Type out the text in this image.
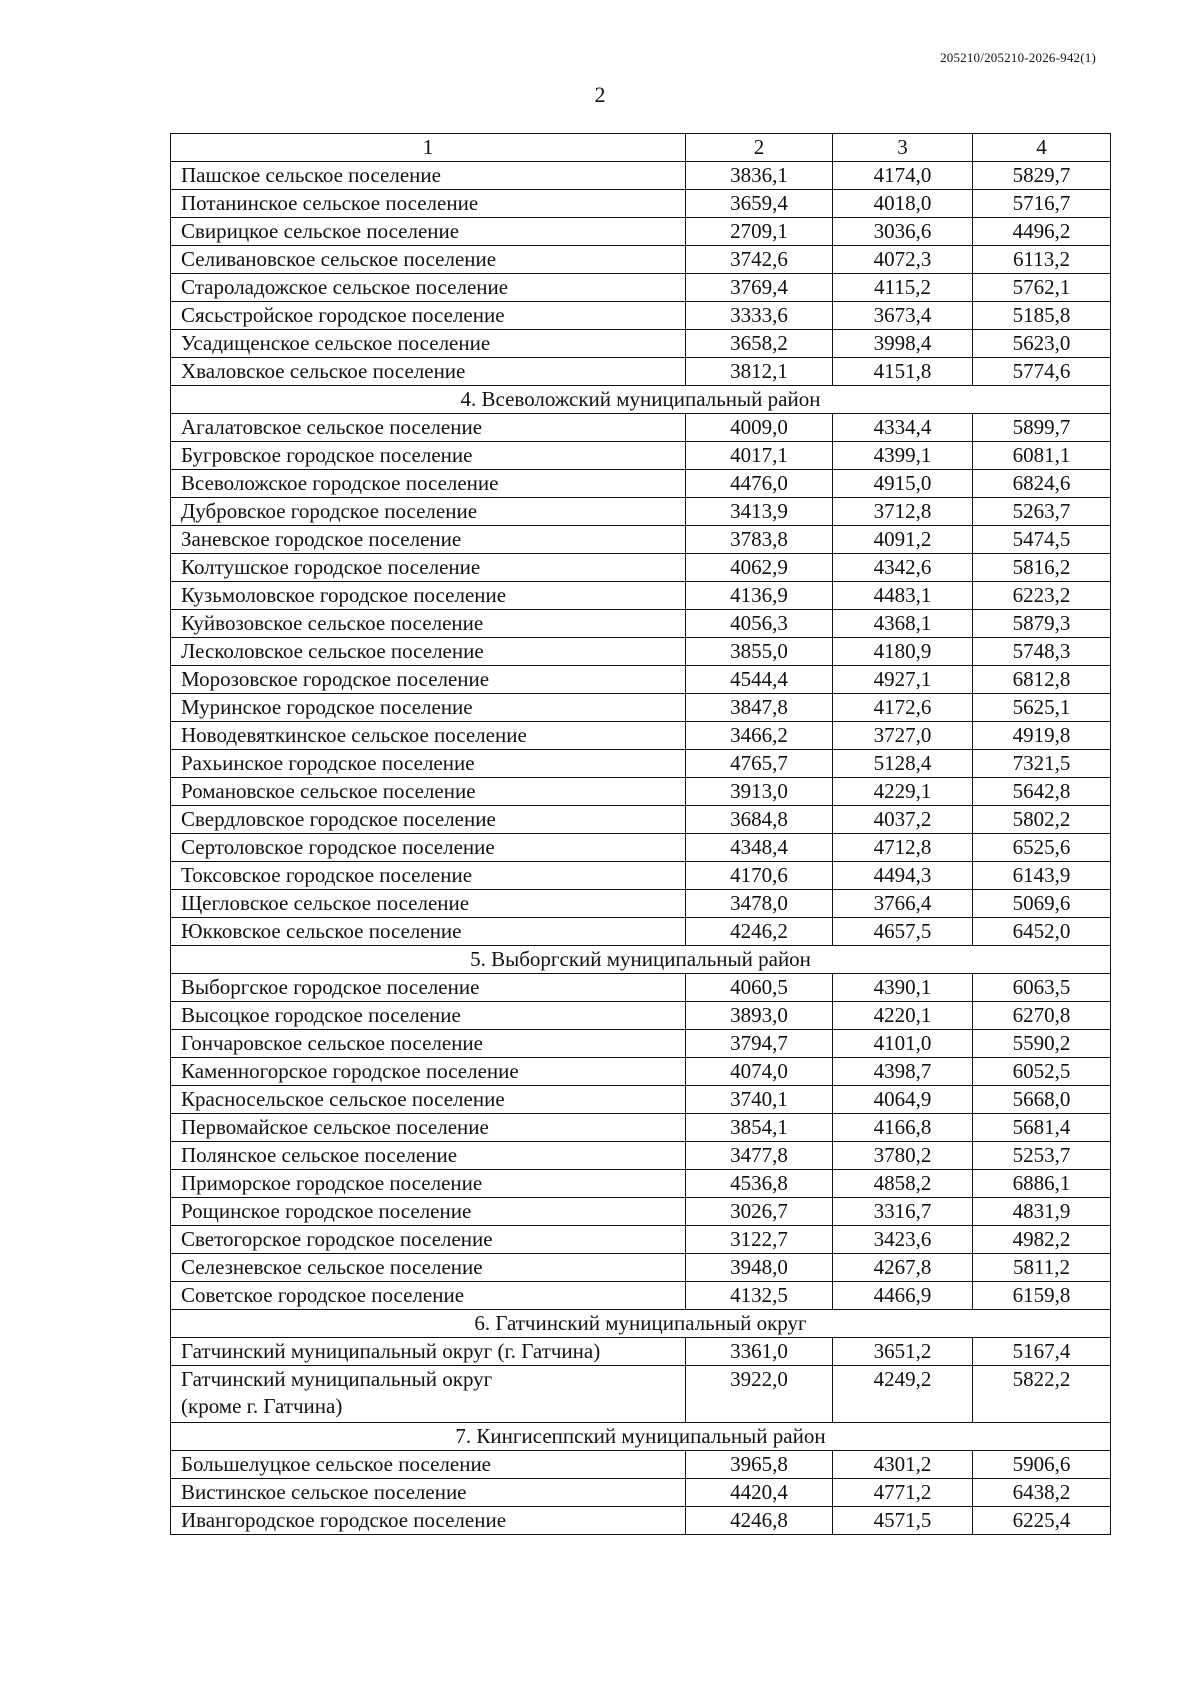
205210/205210-2026-942(1)
2
1	2	3	4
Пашское сельское поселение	3836,1	4174,0	5829,7
Потанинское сельское поселение	3659,4	4018,0	5716,7
Свирицкое сельское поселение	2709,1	3036,6	4496,2
Селивановское сельское поселение	3742,6	4072,3	6113,2
Староладожское сельское поселение	3769,4	4115,2	5762,1
Сясьстройское городское поселение	3333,6	3673,4	5185,8
Усадищенское сельское поселение	3658,2	3998,4	5623,0
Хваловское сельское поселение	3812,1	4151,8	5774,6
4. Всеволожский муниципальный район			
Агалатовское сельское поселение	4009,0	4334,4	5899,7
Бугровское городское поселение	4017,1	4399,1	6081,1
Всеволожское городское поселение	4476,0	4915,0	6824,6
Дубровское городское поселение	3413,9	3712,8	5263,7
Заневское городское поселение	3783,8	4091,2	5474,5
Колтушское городское поселение	4062,9	4342,6	5816,2
Кузьмоловское городское поселение	4136,9	4483,1	6223,2
Куйвозовское сельское поселение	4056,3	4368,1	5879,3
Лесколовское сельское поселение	3855,0	4180,9	5748,3
Морозовское городское поселение	4544,4	4927,1	6812,8
Муринское городское поселение	3847,8	4172,6	5625,1
Новодевяткинское сельское поселение	3466,2	3727,0	4919,8
Рахьинское городское поселение	4765,7	5128,4	7321,5
Романовское сельское поселение	3913,0	4229,1	5642,8
Свердловское городское поселение	3684,8	4037,2	5802,2
Сертоловское городское поселение	4348,4	4712,8	6525,6
Токсовское городское поселение	4170,6	4494,3	6143,9
Щегловское сельское поселение	3478,0	3766,4	5069,6
Юкковское сельское поселение	4246,2	4657,5	6452,0
5. Выборгский муниципальный район			
Выборгское городское поселение	4060,5	4390,1	6063,5
Высоцкое городское поселение	3893,0	4220,1	6270,8
Гончаровское сельское поселение	3794,7	4101,0	5590,2
Каменногорское городское поселение	4074,0	4398,7	6052,5
Красносельское сельское поселение	3740,1	4064,9	5668,0
Первомайское сельское поселение	3854,1	4166,8	5681,4
Полянское сельское поселение	3477,8	3780,2	5253,7
Приморское городское поселение	4536,8	4858,2	6886,1
Рощинское городское поселение	3026,7	3316,7	4831,9
Светогорское городское поселение	3122,7	3423,6	4982,2
Селезневское сельское поселение	3948,0	4267,8	5811,2
Советское городское поселение	4132,5	4466,9	6159,8
6. Гатчинский муниципальный округ			
Гатчинский муниципальный округ (г. Гатчина)	3361,0	3651,2	5167,4

Гатчинский муниципальный округ
(кроме г. Гатчина)	3922,0	4249,2	5822,2
7. Кингисеппский муниципальный район			
Большелуцкое сельское поселение	3965,8	4301,2	5906,6
Вистинское сельское поселение	4420,4	4771,2	6438,2
Ивангородское городское поселение	4246,8	4571,5	6225,4
